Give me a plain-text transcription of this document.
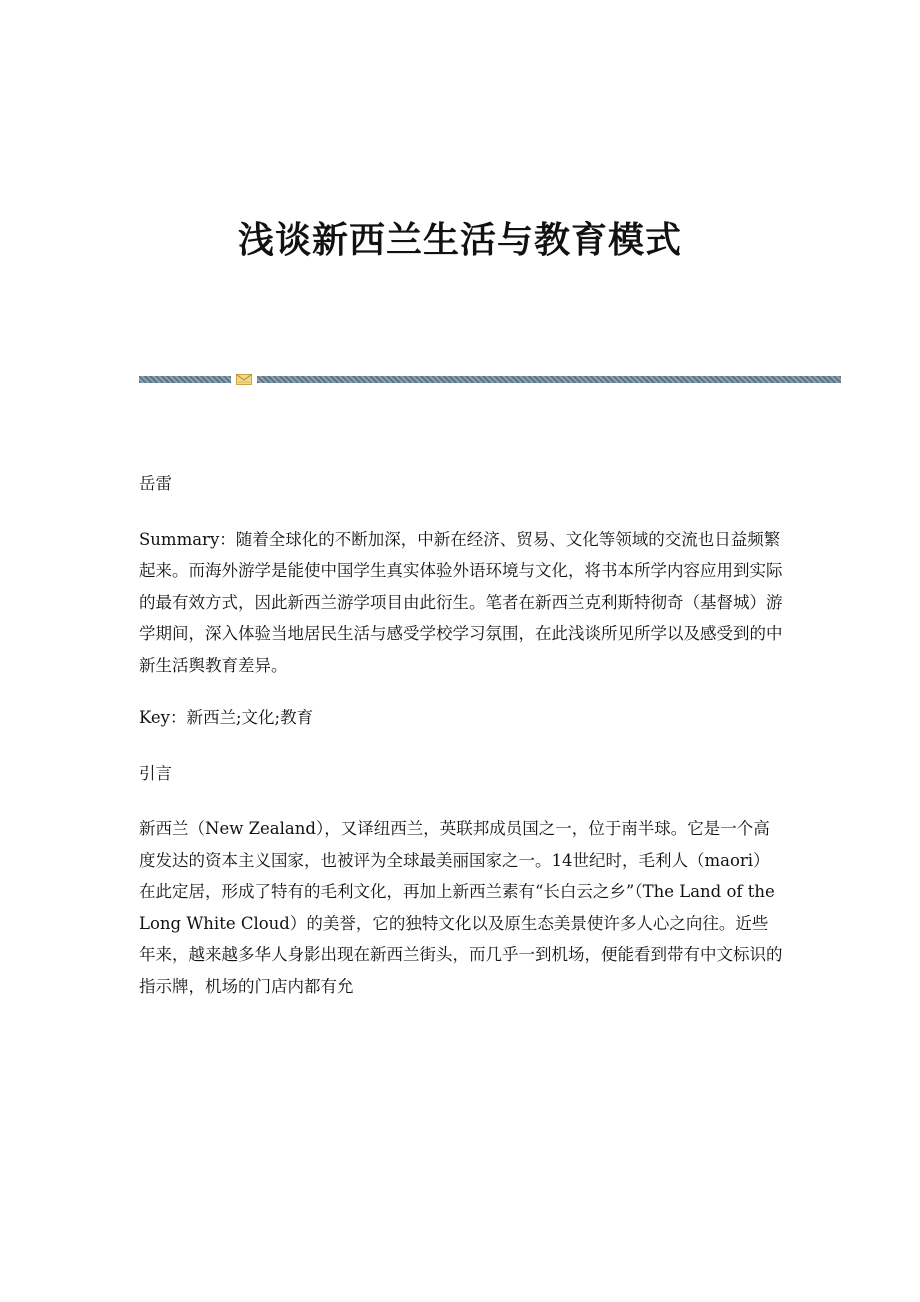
浅谈新西兰生活与教育模式

岳雷

Summary：随着全球化的不断加深，中新在经济、贸易、文化等领域的交流也日益频繁起来。而海外游学是能使中国学生真实体验外语环境与文化，将书本所学内容应用到实际的最有效方式，因此新西兰游学项目由此衍生。笔者在新西兰克利斯特彻奇（基督城）游学期间，深入体验当地居民生活与感受学校学习氛围，在此浅谈所见所学以及感受到的中新生活舆教育差异。

Key：新西兰;文化;教育

引言

新西兰（New Zealand），又译纽西兰，英联邦成员国之一，位于南半球。它是一个高度发达的资本主义国家，也被评为全球最美丽国家之一。14世纪时，毛利人（maori）在此定居，形成了特有的毛利文化，再加上新西兰素有“长白云之乡”（The Land of the Long White Cloud）的美誉，它的独特文化以及原生态美景使许多人心之向往。近些年来，越来越多华人身影出现在新西兰街头，而几乎一到机场，便能看到带有中文标识的指示牌，机场的门店内都有允
